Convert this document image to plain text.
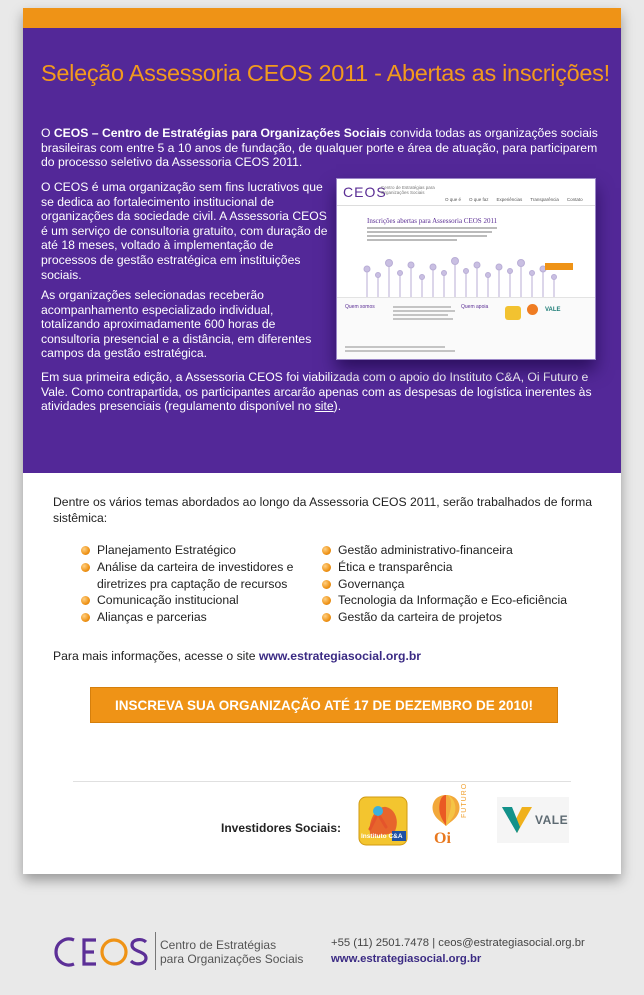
Seleção Assessoria CEOS 2011 - Abertas as inscrições!
O CEOS – Centro de Estratégias para Organizações Sociais convida todas as organizações sociais brasileiras com entre 5 a 10 anos de fundação, de qualquer porte e área de atuação, para participarem do processo seletivo da Assessoria CEOS 2011.
O CEOS é uma organização sem fins lucrativos que se dedica ao fortalecimento institucional de organizações da sociedade civil. A Assessoria CEOS é um serviço de consultoria gratuito, com duração de até 18 meses, voltado à implementação de processos de gestão estratégica em instituições sociais.
As organizações selecionadas receberão acompanhamento especializado individual, totalizando aproximadamente 600 horas de consultoria presencial e a distância, em diferentes campos da gestão estratégica.
Em sua primeira edição, a Assessoria CEOS foi viabilizada com o apoio do Instituto C&A, Oi Futuro e Vale. Como contrapartida, os participantes arcarão apenas com as despesas de logística inerentes às atividades presenciais (regulamento disponível no site).
CEOS
Centro de Estratégias para Organizações Sociais
O que é O que faz Experiências Transparência Contato
Inscrições abertas para Assessoria CEOS 2011
Quem somos	Quem apoia	VALE
Dentre os vários temas abordados ao longo da Assessoria CEOS 2011, serão trabalhados de forma sistêmica:
Planejamento Estratégico
Análise da carteira de investidores e diretrizes pra captação de recursos
Comunicação institucional
Alianças e parcerias
Gestão administrativo-financeira
Ética e transparência
Governança
Tecnologia da Informação e Eco-eficiência
Gestão da carteira de projetos
Para mais informações, acesse o site www.estrategiasocial.org.br
INSCREVA SUA ORGANIZAÇÃO ATÉ 17 DE DEZEMBRO DE 2010!
Investidores Sociais:
Instituto C&A Oi
FUTURO
VALE
Centro de Estratégias
para Organizações Sociais
+55 (11) 2501.7478 | ceos@estrategiasocial.org.br
www.estrategiasocial.org.br
